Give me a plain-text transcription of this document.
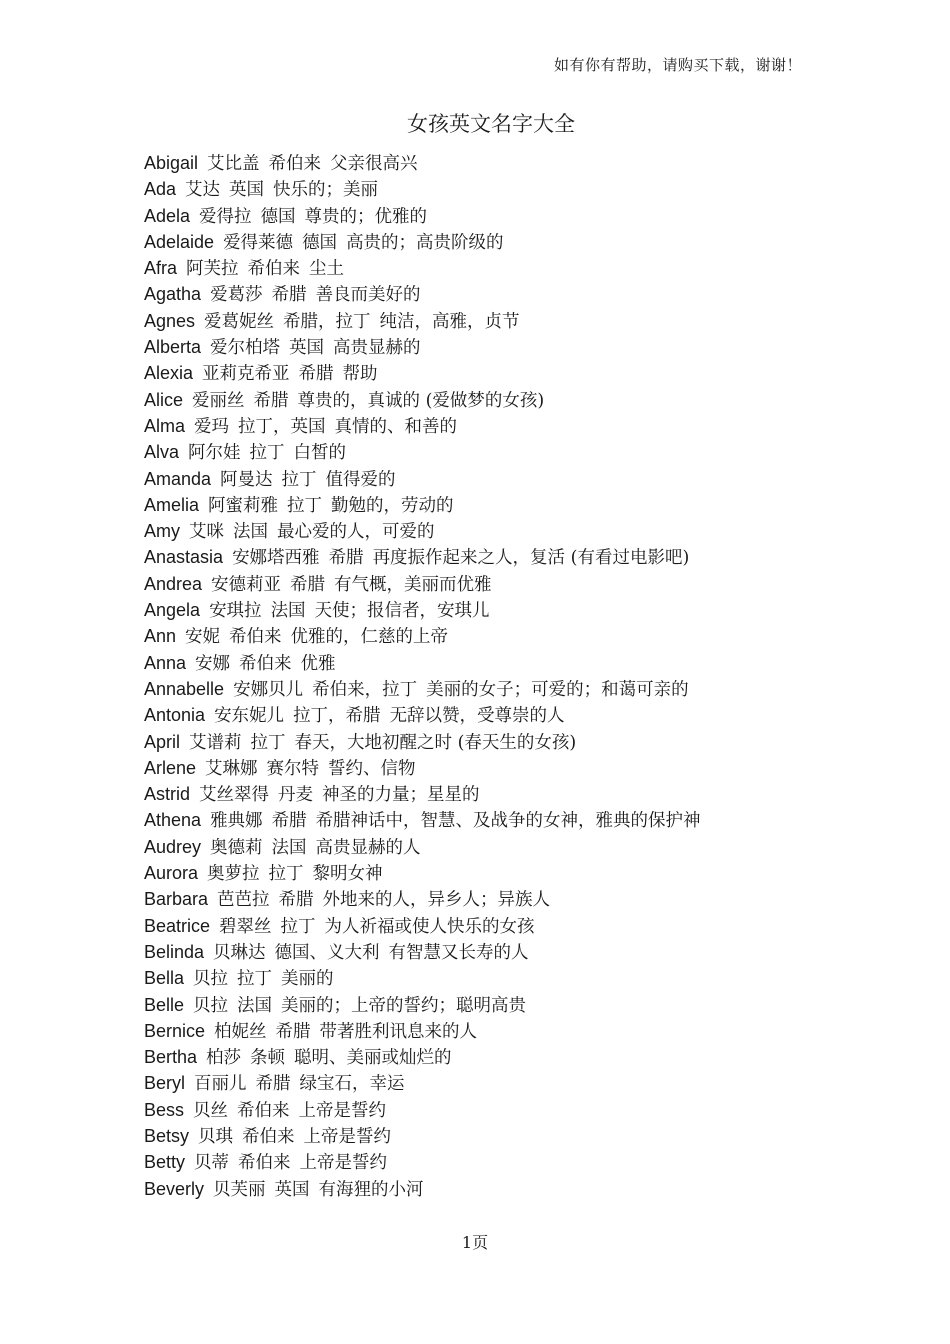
如有你有帮助，请购买下载，谢谢！
女孩英文名字大全
Abigail 艾比盖 希伯来 父亲很高兴
Ada 艾达 英国 快乐的；美丽
Adela 爱得拉 德国 尊贵的；优雅的
Adelaide 爱得莱德 德国 高贵的；高贵阶级的
Afra 阿芙拉 希伯来 尘土
Agatha 爱葛莎 希腊 善良而美好的
Agnes 爱葛妮丝 希腊，拉丁 纯洁，高雅，贞节
Alberta 爱尔柏塔 英国 高贵显赫的
Alexia 亚莉克希亚 希腊 帮助
Alice 爱丽丝 希腊 尊贵的，真诚的 (爱做梦的女孩)
Alma 爱玛 拉丁，英国 真情的、和善的
Alva 阿尔娃 拉丁 白皙的
Amanda 阿曼达 拉丁 值得爱的
Amelia 阿蜜莉雅 拉丁 勤勉的，劳动的
Amy 艾咪 法国 最心爱的人，可爱的
Anastasia 安娜塔西雅 希腊 再度振作起来之人，复活 (有看过电影吧)
Andrea 安德莉亚 希腊 有气概，美丽而优雅
Angela 安琪拉 法国 天使；报信者，安琪儿
Ann 安妮 希伯来 优雅的，仁慈的上帝
Anna 安娜 希伯来 优雅
Annabelle 安娜贝儿 希伯来，拉丁 美丽的女子；可爱的；和蔼可亲的
Antonia 安东妮儿 拉丁，希腊 无辞以赞，受尊崇的人
April 艾谱莉 拉丁 春天，大地初醒之时 (春天生的女孩)
Arlene 艾琳娜 赛尔特 誓约、信物
Astrid 艾丝翠得 丹麦 神圣的力量；星星的
Athena 雅典娜 希腊 希腊神话中，智慧、及战争的女神，雅典的保护神
Audrey 奥德莉 法国 高贵显赫的人
Aurora 奥萝拉 拉丁 黎明女神
Barbara 芭芭拉 希腊 外地来的人，异乡人；异族人
Beatrice 碧翠丝 拉丁 为人祈福或使人快乐的女孩
Belinda 贝琳达 德国、义大利 有智慧又长寿的人
Bella 贝拉 拉丁 美丽的
Belle 贝拉 法国 美丽的；上帝的誓约；聪明高贵
Bernice 柏妮丝 希腊 带著胜利讯息来的人
Bertha 柏莎 条顿 聪明、美丽或灿烂的
Beryl 百丽儿 希腊 绿宝石，幸运
Bess 贝丝 希伯来 上帝是誓约
Betsy 贝琪 希伯来 上帝是誓约
Betty 贝蒂 希伯来 上帝是誓约
Beverly 贝芙丽 英国 有海狸的小河
1页
